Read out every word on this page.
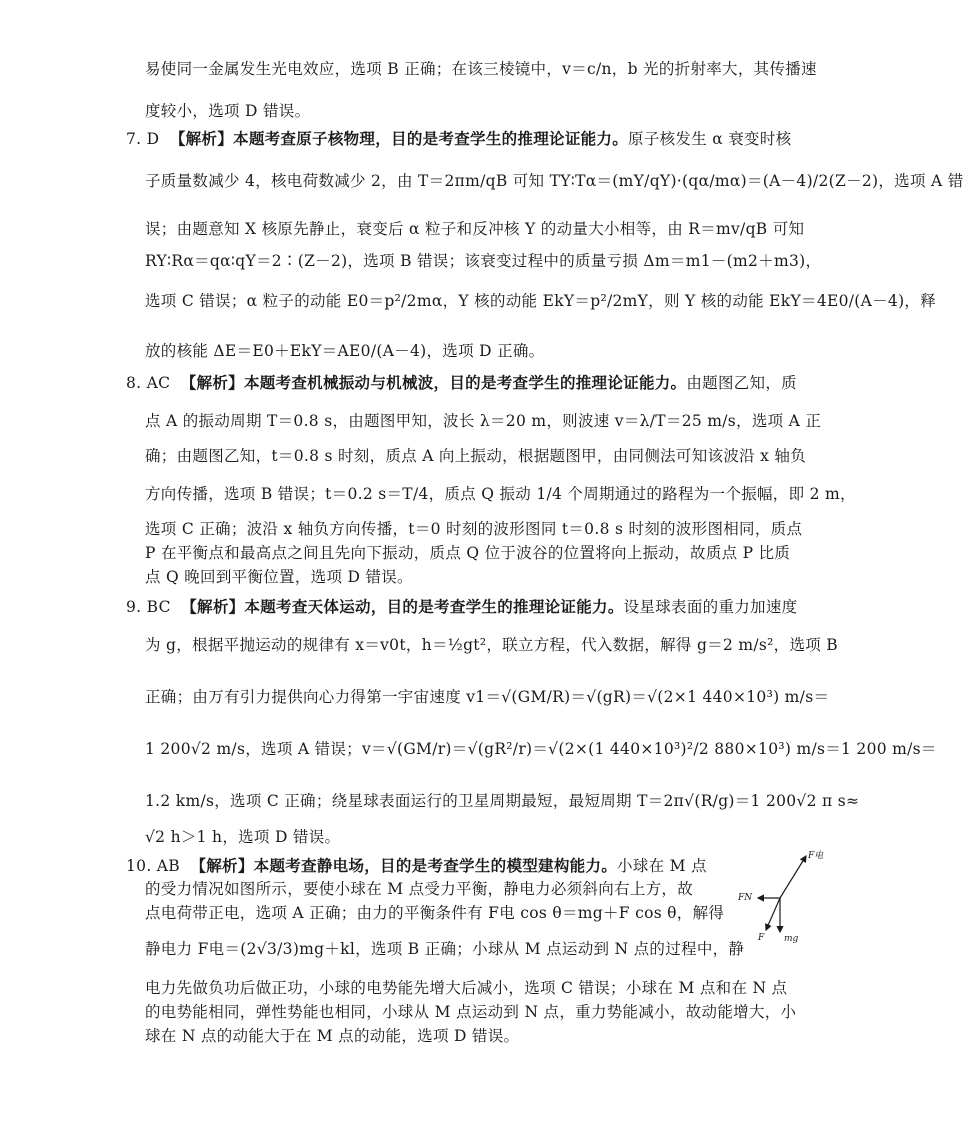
易使同一金属发生光电效应，选项 B 正确；在该三棱镜中，v＝c/n，b 光的折射率大，其传播速
度较小，选项 D 错误。
7. D 【解析】本题考查原子核物理，目的是考查学生的推理论证能力。原子核发生 α 衰变时核
子质量数减少 4，核电荷数减少 2，由 T＝2πm/qB 可知 TY∶Tα＝(mY/qY)·(qα/mα)＝(A－4)/2(Z－2)，选项 A 错
误；由题意知 X 核原先静止，衰变后 α 粒子和反冲核 Y 的动量大小相等，由 R＝mv/qB 可知
RY∶Rα＝qα∶qY＝2∶(Z－2)，选项 B 错误；该衰变过程中的质量亏损 Δm＝m1－(m2＋m3)，
选项 C 错误；α 粒子的动能 E0＝p²/2mα，Y 核的动能 EkY＝p²/2mY，则 Y 核的动能 EkY＝4E0/(A－4)，释
放的核能 ΔE＝E0＋EkY＝AE0/(A－4)，选项 D 正确。
8. AC 【解析】本题考查机械振动与机械波，目的是考查学生的推理论证能力。由题图乙知，质
点 A 的振动周期 T＝0.8 s，由题图甲知，波长 λ＝20 m，则波速 v＝λ/T＝25 m/s，选项 A 正
确；由题图乙知，t＝0.8 s 时刻，质点 A 向上振动，根据题图甲，由同侧法可知该波沿 x 轴负
方向传播，选项 B 错误；t＝0.2 s＝T/4，质点 Q 振动 1/4 个周期通过的路程为一个振幅，即 2 m，
选项 C 正确；波沿 x 轴负方向传播，t＝0 时刻的波形图同 t＝0.8 s 时刻的波形图相同，质点
P 在平衡点和最高点之间且先向下振动，质点 Q 位于波谷的位置将向上振动，故质点 P 比质
点 Q 晚回到平衡位置，选项 D 错误。
9. BC 【解析】本题考查天体运动，目的是考查学生的推理论证能力。设星球表面的重力加速度
为 g，根据平抛运动的规律有 x＝v0t，h＝½gt²，联立方程，代入数据，解得 g＝2 m/s²，选项 B
正确；由万有引力提供向心力得第一宇宙速度 v1＝√(GM/R)＝√(gR)＝√(2×1 440×10³) m/s＝
1 200√2 m/s，选项 A 错误；v＝√(GM/r)＝√(gR²/r)＝√(2×(1 440×10³)²/2 880×10³) m/s＝1 200 m/s＝
1.2 km/s，选项 C 正确；绕星球表面运行的卫星周期最短，最短周期 T＝2π√(R/g)＝1 200√2 π s≈
√2 h＞1 h，选项 D 错误。
10. AB 【解析】本题考查静电场，目的是考查学生的模型建构能力。小球在 M 点
的受力情况如图所示，要使小球在 M 点受力平衡，静电力必须斜向右上方，故
点电荷带正电，选项 A 正确；由力的平衡条件有 F电 cos θ＝mg＋F cos θ，解得
静电力 F电＝(2√3/3)mg＋kl，选项 B 正确；小球从 M 点运动到 N 点的过程中，静
电力先做负功后做正功，小球的电势能先增大后减小，选项 C 错误；小球在 M 点和在 N 点
的电势能相同，弹性势能也相同，小球从 M 点运动到 N 点，重力势能减小，故动能增大，小
球在 N 点的动能大于在 M 点的动能，选项 D 错误。
F电
FN
F mg
